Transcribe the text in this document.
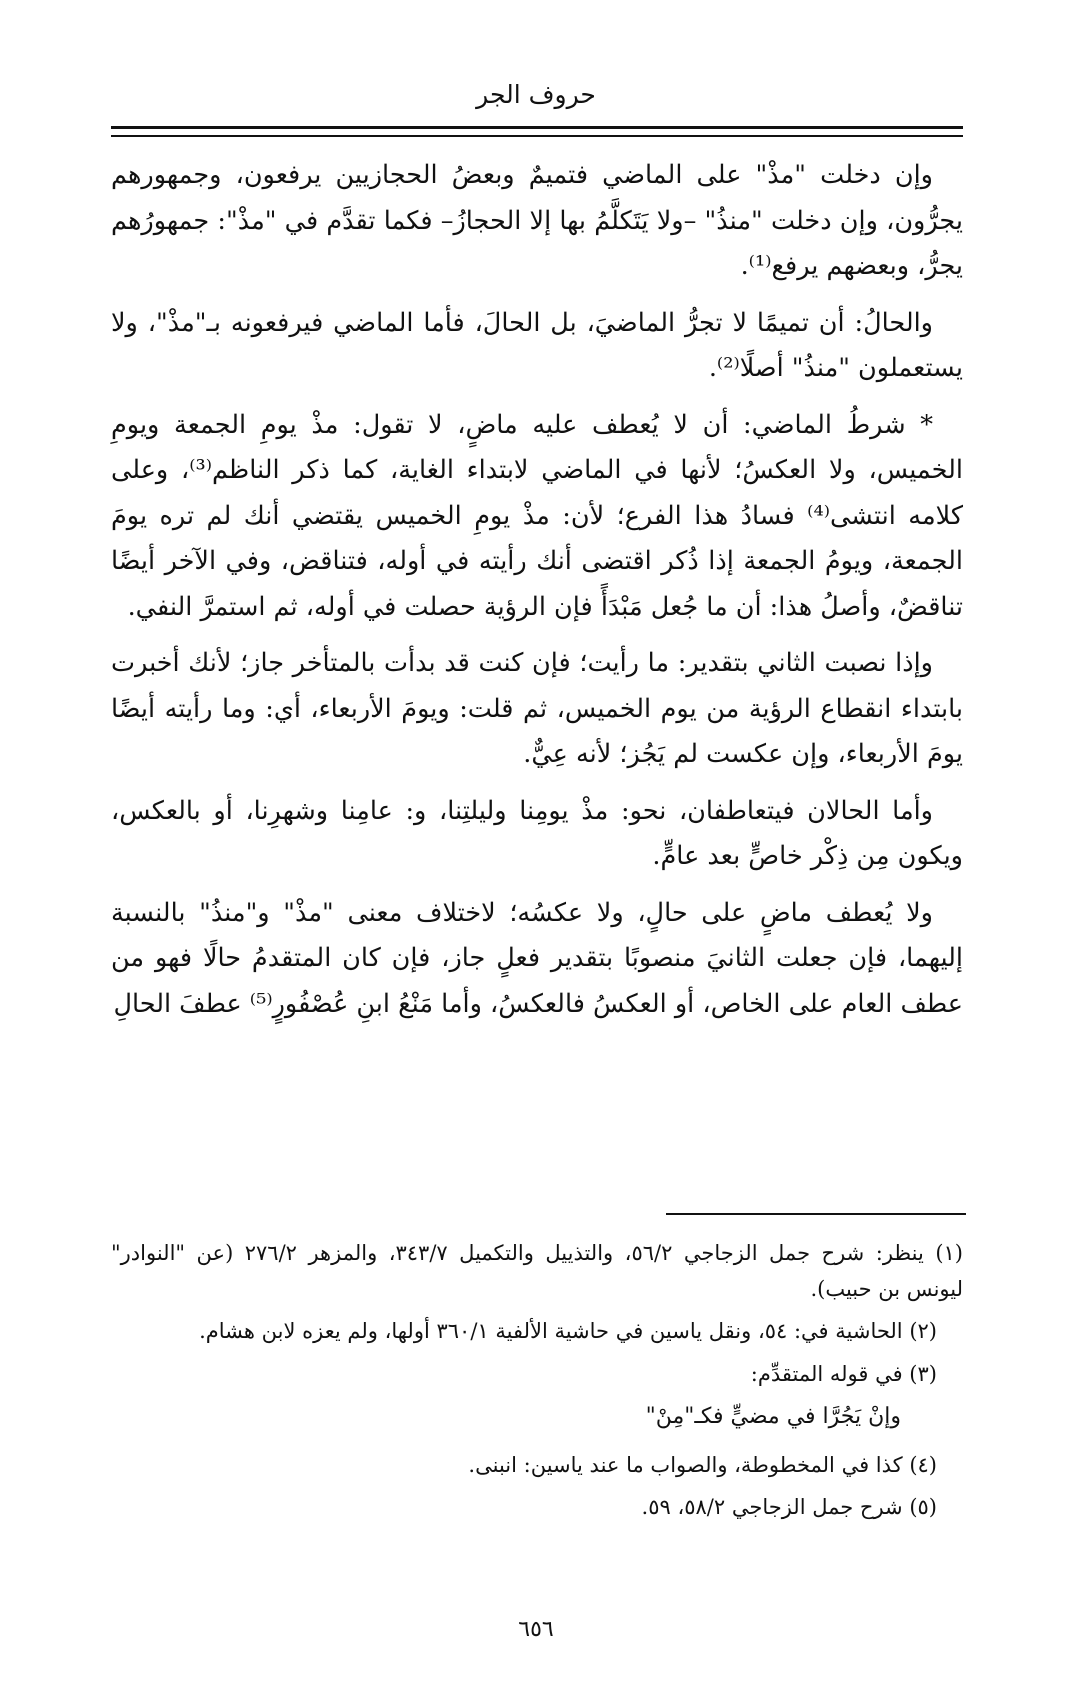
حروف الجر

وإن دخلت "مذْ" على الماضي فتميمٌ وبعضُ الحجازيين يرفعون، وجمهورهم يجرُّون، وإن دخلت "منذُ" –ولا يَتَكلَّمُ بها إلا الحجازُ– فكما تقدَّم في "مذْ": جمهورُهم يجرُّ، وبعضهم يرفع⁽¹⁾.

والحالُ: أن تميمًا لا تجرُّ الماضيَ، بل الحالَ، فأما الماضي فيرفعونه بـ"مذْ"، ولا يستعملون "منذُ" أصلًا⁽²⁾.

* شرطُ الماضي: أن لا يُعطف عليه ماضٍ، لا تقول: مذْ يومِ الجمعة ويومِ الخميس، ولا العكسُ؛ لأنها في الماضي لابتداء الغاية، كما ذكر الناظم⁽³⁾، وعلى كلامه انتشى⁽⁴⁾ فسادُ هذا الفرع؛ لأن: مذْ يومِ الخميس يقتضي أنك لم تره يومَ الجمعة، ويومُ الجمعة إذا ذُكر اقتضى أنك رأيته في أوله، فتناقض، وفي الآخر أيضًا تناقضٌ، وأصلُ هذا: أن ما جُعل مَبْدَأً فإن الرؤية حصلت في أوله، ثم استمرَّ النفي.

وإذا نصبت الثاني بتقدير: ما رأيت؛ فإن كنت قد بدأت بالمتأخر جاز؛ لأنك أخبرت بابتداء انقطاع الرؤية من يوم الخميس، ثم قلت: ويومَ الأربعاء، أي: وما رأيته أيضًا يومَ الأربعاء، وإن عكست لم يَجُز؛ لأنه عِيٌّ.

وأما الحالان فيتعاطفان، نحو: مذْ يومِنا وليلتِنا، و: عامِنا وشهرِنا، أو بالعكس، ويكون مِن ذِكْر خاصٍّ بعد عامٍّ.

ولا يُعطف ماضٍ على حالٍ، ولا عكسُه؛ لاختلاف معنى "مذْ" و"منذُ" بالنسبة إليهما، فإن جعلت الثانيَ منصوبًا بتقدير فعلٍ جاز، فإن كان المتقدمُ حالًا فهو من عطف العام على الخاص، أو العكسُ فالعكسُ، وأما مَنْعُ ابنِ عُصْفُورٍ⁽⁵⁾ عطفَ الحالِ

(١) ينظر: شرح جمل الزجاجي ٥٦/٢، والتذييل والتكميل ٣٤٣/٧، والمزهر ٢٧٦/٢ (عن "النوادر" ليونس بن حبيب).

(٢) الحاشية في: ٥٤، ونقل ياسين في حاشية الألفية ٣٦٠/١ أولها، ولم يعزه لابن هشام.

(٣) في قوله المتقدِّم:

وإنْ يَجُرَّا في مضيٍّ فكـ"مِنْ"

(٤) كذا في المخطوطة، والصواب ما عند ياسين: انبنى.

(٥) شرح جمل الزجاجي ٥٨/٢، ٥٩.

٦٥٦
